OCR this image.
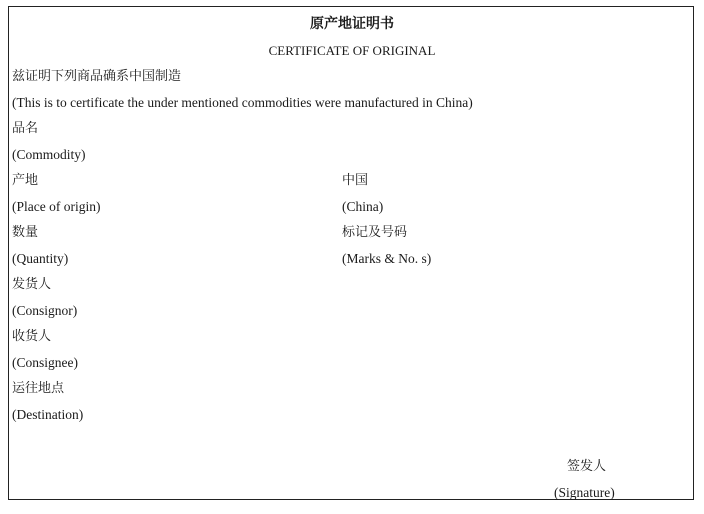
原产地证明书
CERTIFICATE OF ORIGINAL
兹证明下列商品确系中国制造
(This is to certificate the under mentioned commodities were manufactured in China)
品名
(Commodity)
产地
(Place of origin)
中国
(China)
数量
(Quantity)
标记及号码
(Marks & No. s)
发货人
(Consignor)
收货人
(Consignee)
运往地点
(Destination)
签发人
(Signature)
